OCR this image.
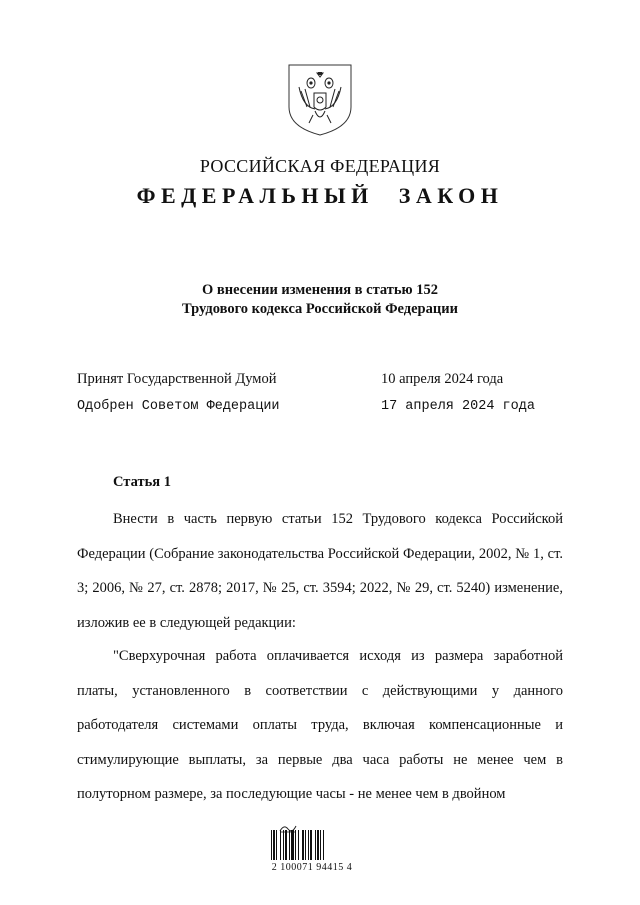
РОССИЙСКАЯ ФЕДЕРАЦИЯ
ФЕДЕРАЛЬНЫЙ ЗАКОН
О внесении изменения в статью 152
Трудового кодекса Российской Федерации
Принят Государственной Думой	10 апреля 2024 года
Одобрен Советом Федерации	17 апреля 2024 года
Статья 1

Внести в часть первую статьи 152 Трудового кодекса Российской Федерации (Собрание законодательства Российской Федерации, 2002, № 1, ст. 3; 2006, № 27, ст. 2878; 2017, № 25, ст. 3594; 2022, № 29, ст. 5240) изменение, изложив ее в следующей редакции:

"Сверхурочная работа оплачивается исходя из размера заработной платы, установленного в соответствии с действующими у данного работодателя системами оплаты труда, включая компенсационные и стимулирующие выплаты, за первые два часа работы не менее чем в полуторном размере, за последующие часы - не менее чем в двойном

2 100071 94415 4
